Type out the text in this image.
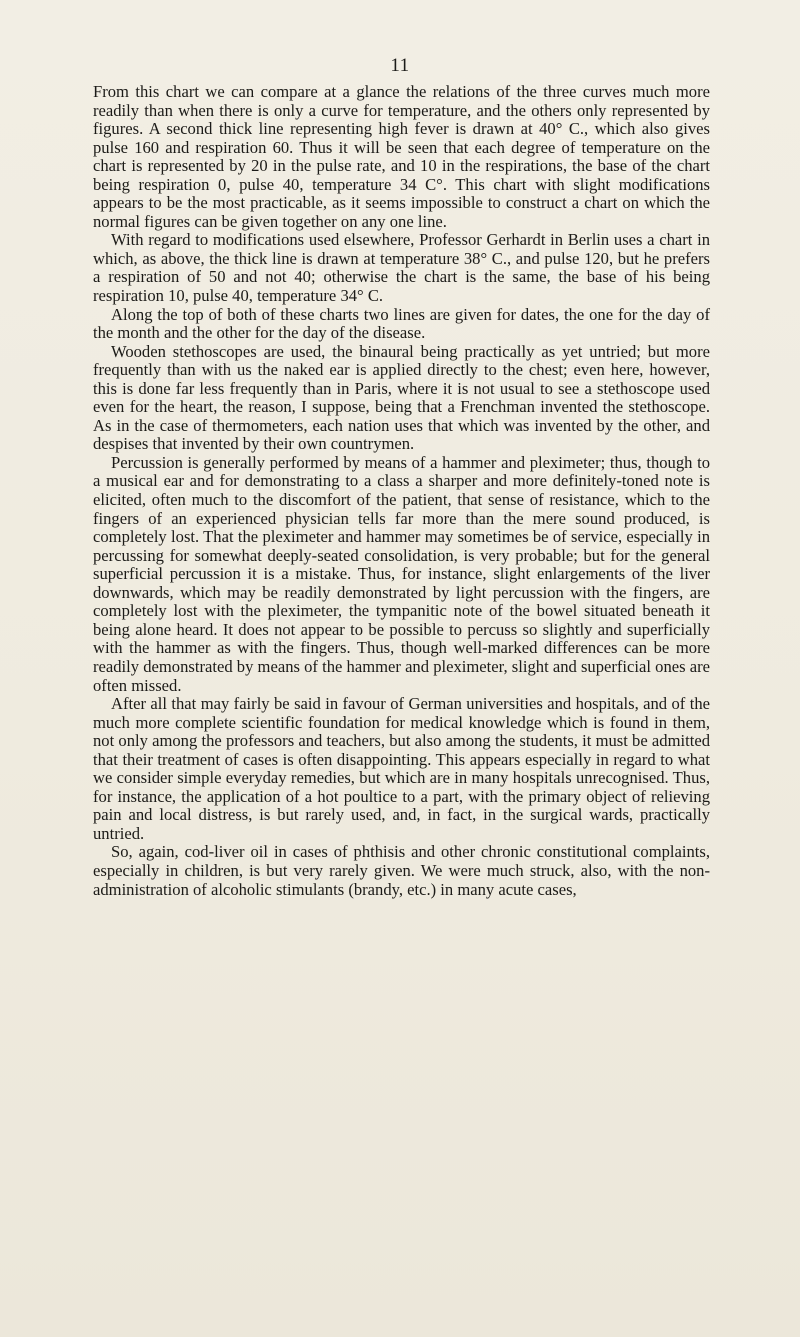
11

From this chart we can compare at a glance the relations of the three curves much more readily than when there is only a curve for temperature, and the others only represented by figures. A second thick line representing high fever is drawn at 40° C., which also gives pulse 160 and respiration 60. Thus it will be seen that each degree of temperature on the chart is represented by 20 in the pulse rate, and 10 in the respirations, the base of the chart being respiration 0, pulse 40, temperature 34 C°. This chart with slight modifications appears to be the most practicable, as it seems impossible to construct a chart on which the normal figures can be given together on any one line.

With regard to modifications used elsewhere, Professor Gerhardt in Berlin uses a chart in which, as above, the thick line is drawn at temperature 38° C., and pulse 120, but he prefers a respiration of 50 and not 40; otherwise the chart is the same, the base of his being respiration 10, pulse 40, temperature 34° C.

Along the top of both of these charts two lines are given for dates, the one for the day of the month and the other for the day of the disease.

Wooden stethoscopes are used, the binaural being practically as yet untried; but more frequently than with us the naked ear is applied directly to the chest; even here, however, this is done far less frequently than in Paris, where it is not usual to see a stethoscope used even for the heart, the reason, I suppose, being that a Frenchman invented the stethoscope. As in the case of thermometers, each nation uses that which was invented by the other, and despises that invented by their own countrymen.

Percussion is generally performed by means of a hammer and pleximeter; thus, though to a musical ear and for demonstrating to a class a sharper and more definitely-toned note is elicited, often much to the discomfort of the patient, that sense of resistance, which to the fingers of an experienced physician tells far more than the mere sound produced, is completely lost. That the pleximeter and hammer may sometimes be of service, especially in percussing for somewhat deeply-seated consolidation, is very probable; but for the general superficial percussion it is a mistake. Thus, for instance, slight enlargements of the liver downwards, which may be readily demonstrated by light percussion with the fingers, are completely lost with the pleximeter, the tympanitic note of the bowel situated beneath it being alone heard. It does not appear to be possible to percuss so slightly and superficially with the hammer as with the fingers. Thus, though well-marked differences can be more readily demonstrated by means of the hammer and pleximeter, slight and superficial ones are often missed.

After all that may fairly be said in favour of German universities and hospitals, and of the much more complete scientific foundation for medical knowledge which is found in them, not only among the professors and teachers, but also among the students, it must be admitted that their treatment of cases is often disappointing. This appears especially in regard to what we consider simple everyday remedies, but which are in many hospitals unrecognised. Thus, for instance, the application of a hot poultice to a part, with the primary object of relieving pain and local distress, is but rarely used, and, in fact, in the surgical wards, practically untried.

So, again, cod-liver oil in cases of phthisis and other chronic constitutional complaints, especially in children, is but very rarely given. We were much struck, also, with the non-administration of alcoholic stimulants (brandy, etc.) in many acute cases,
